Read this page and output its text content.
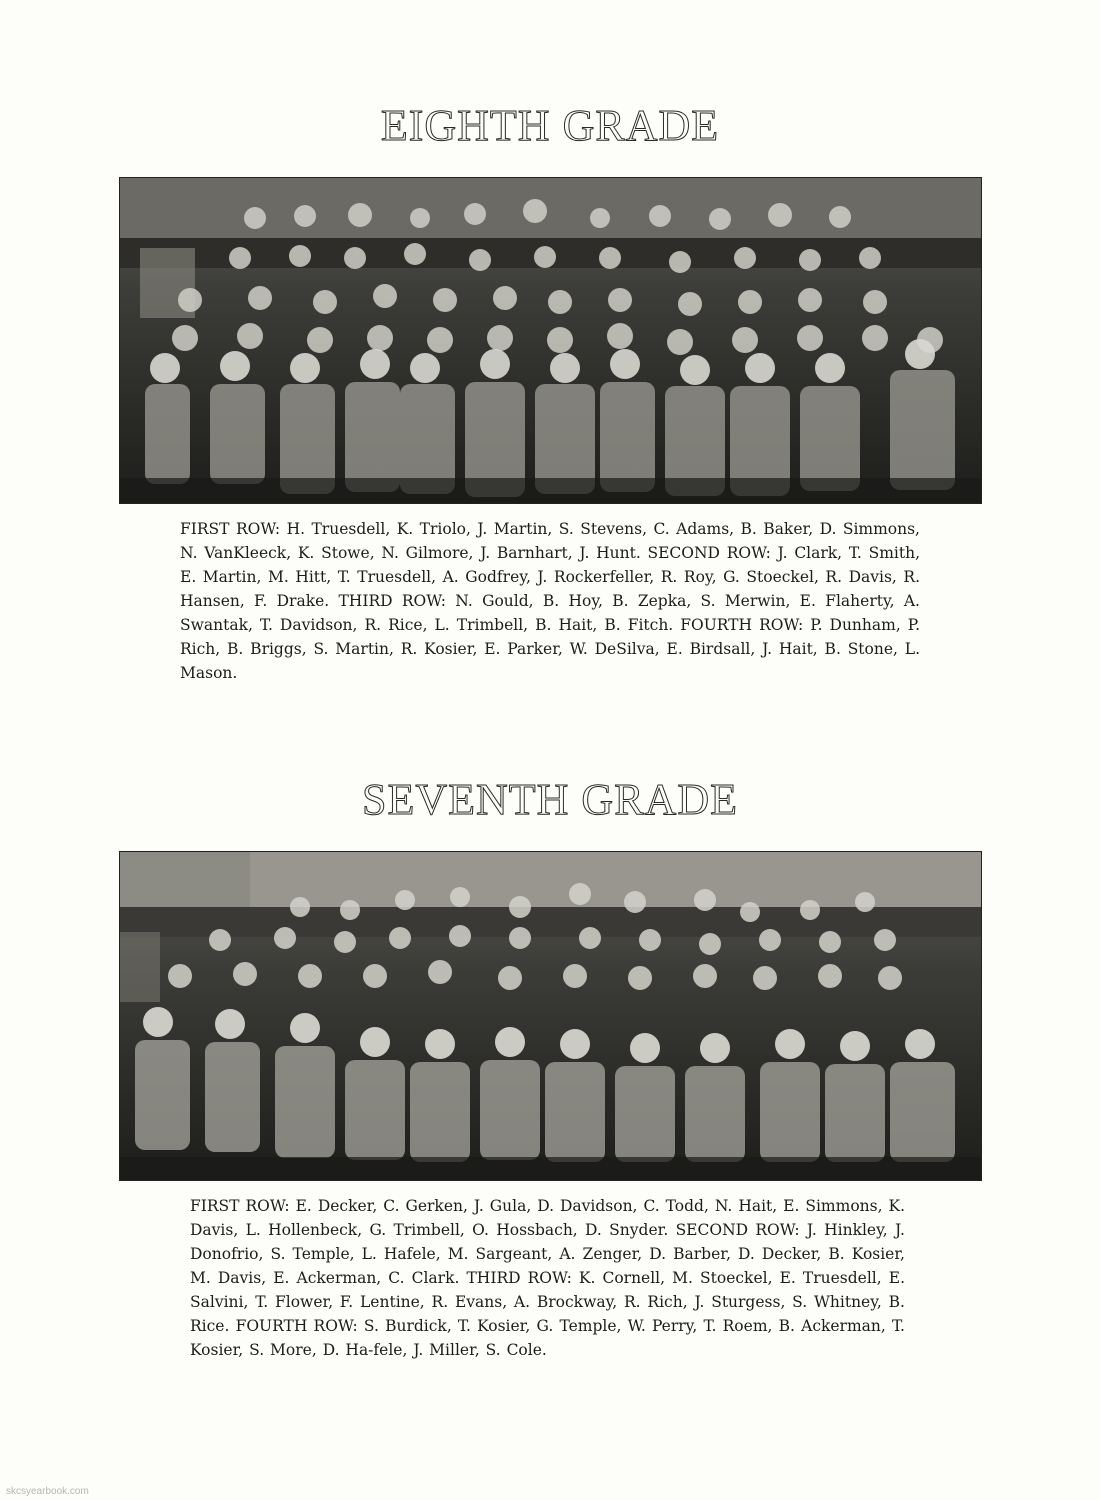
EIGHTH GRADE
FIRST ROW: H. Truesdell, K. Triolo, J. Martin, S. Stevens, C. Adams, B. Baker, D. Simmons, N. VanKleeck, K. Stowe, N. Gilmore, J. Barnhart, J. Hunt. SECOND ROW: J. Clark, T. Smith, E. Martin, M. Hitt, T. Truesdell, A. Godfrey, J. Rockerfeller, R. Roy, G. Stoeckel, R. Davis, R. Hansen, F. Drake. THIRD ROW: N. Gould, B. Hoy, B. Zepka, S. Merwin, E. Flaherty, A. Swantak, T. Davidson, R. Rice, L. Trimbell, B. Hait, B. Fitch. FOURTH ROW: P. Dunham, P. Rich, B. Briggs, S. Martin, R. Kosier, E. Parker, W. DeSilva, E. Birdsall, J. Hait, B. Stone, L. Mason.
SEVENTH GRADE
FIRST ROW: E. Decker, C. Gerken, J. Gula, D. Davidson, C. Todd, N. Hait, E. Simmons, K. Davis, L. Hollenbeck, G. Trimbell, O. Hossbach, D. Snyder. SECOND ROW: J. Hinkley, J. Donofrio, S. Temple, L. Hafele, M. Sargeant, A. Zenger, D. Barber, D. Decker, B. Kosier, M. Davis, E. Ackerman, C. Clark. THIRD ROW: K. Cornell, M. Stoeckel, E. Truesdell, E. Salvini, T. Flower, F. Lentine, R. Evans, A. Brockway, R. Rich, J. Sturgess, S. Whitney, B. Rice. FOURTH ROW: S. Burdick, T. Kosier, G. Temple, W. Perry, T. Roem, B. Ackerman, T. Kosier, S. More, D. Ha-fele, J. Miller, S. Cole.
skcsyearbook.com
